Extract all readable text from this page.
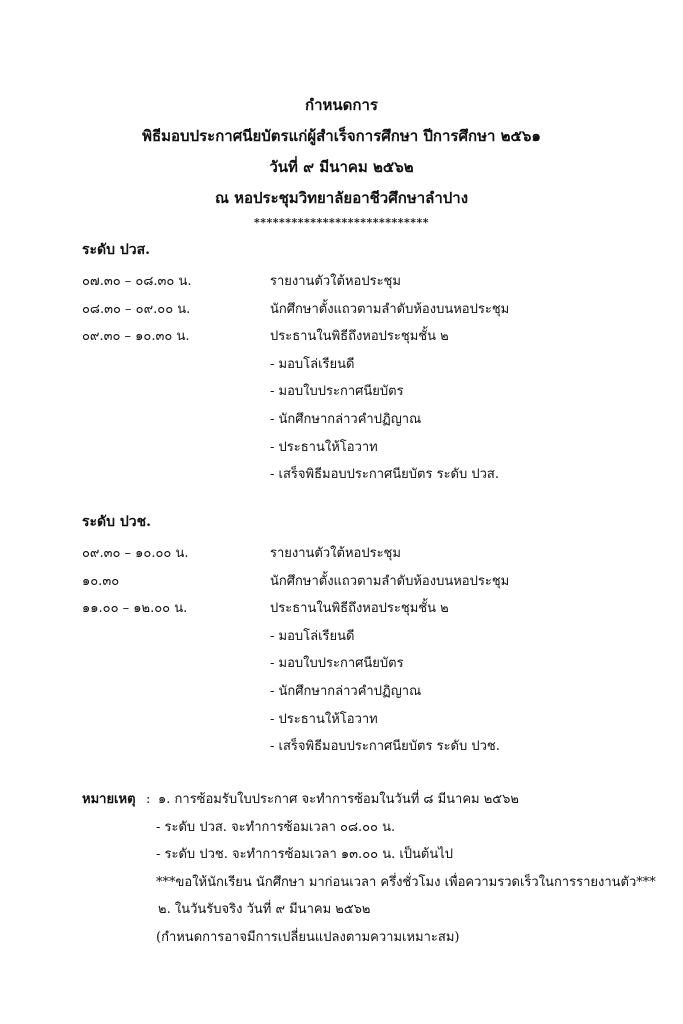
กำหนดการ
พิธีมอบประกาศนียบัตรแก่ผู้สำเร็จการศึกษา ปีการศึกษา ๒๕๖๑
วันที่ ๙ มีนาคม ๒๕๖๒
ณ หอประชุมวิทยาลัยอาชีวศึกษาลำปาง
****************************
ระดับ ปวส.
๐๗.๓๐ – ๐๘.๓๐ น.	รายงานตัวใต้หอประชุม
๐๘.๓๐ – ๐๙.๐๐ น.	นักศึกษาตั้งแถวตามลำดับห้องบนหอประชุม
๐๙.๓๐ – ๑๐.๓๐ น.	ประธานในพิธีถึงหอประชุมชั้น ๒
- มอบโล่เรียนดี
- มอบใบประกาศนียบัตร
- นักศึกษากล่าวคำปฏิญาณ
- ประธานให้โอวาท
- เสร็จพิธีมอบประกาศนียบัตร ระดับ ปวส.
ระดับ ปวช.
๐๙.๓๐ – ๑๐.๐๐ น.	รายงานตัวใต้หอประชุม
๑๐.๓๐	นักศึกษาตั้งแถวตามลำดับห้องบนหอประชุม
๑๑.๐๐ – ๑๒.๐๐ น.	ประธานในพิธีถึงหอประชุมชั้น ๒
- มอบโล่เรียนดี
- มอบใบประกาศนียบัตร
- นักศึกษากล่าวคำปฏิญาณ
- ประธานให้โอวาท
- เสร็จพิธีมอบประกาศนียบัตร ระดับ ปวช.
หมายเหตุ : ๑. การซ้อมรับใบประกาศ จะทำการซ้อมในวันที่ ๘ มีนาคม ๒๕๖๒
- ระดับ ปวส. จะทำการซ้อมเวลา ๐๘.๐๐ น.
- ระดับ ปวช. จะทำการซ้อมเวลา ๑๓.๐๐ น. เป็นต้นไป
***ขอให้นักเรียน นักศึกษา มาก่อนเวลา ครึ่งชั่วโมง เพื่อความรวดเร็วในการรายงานตัว***
๒. ในวันรับจริง วันที่ ๙ มีนาคม ๒๕๖๒
(กำหนดการอาจมีการเปลี่ยนแปลงตามความเหมาะสม)
